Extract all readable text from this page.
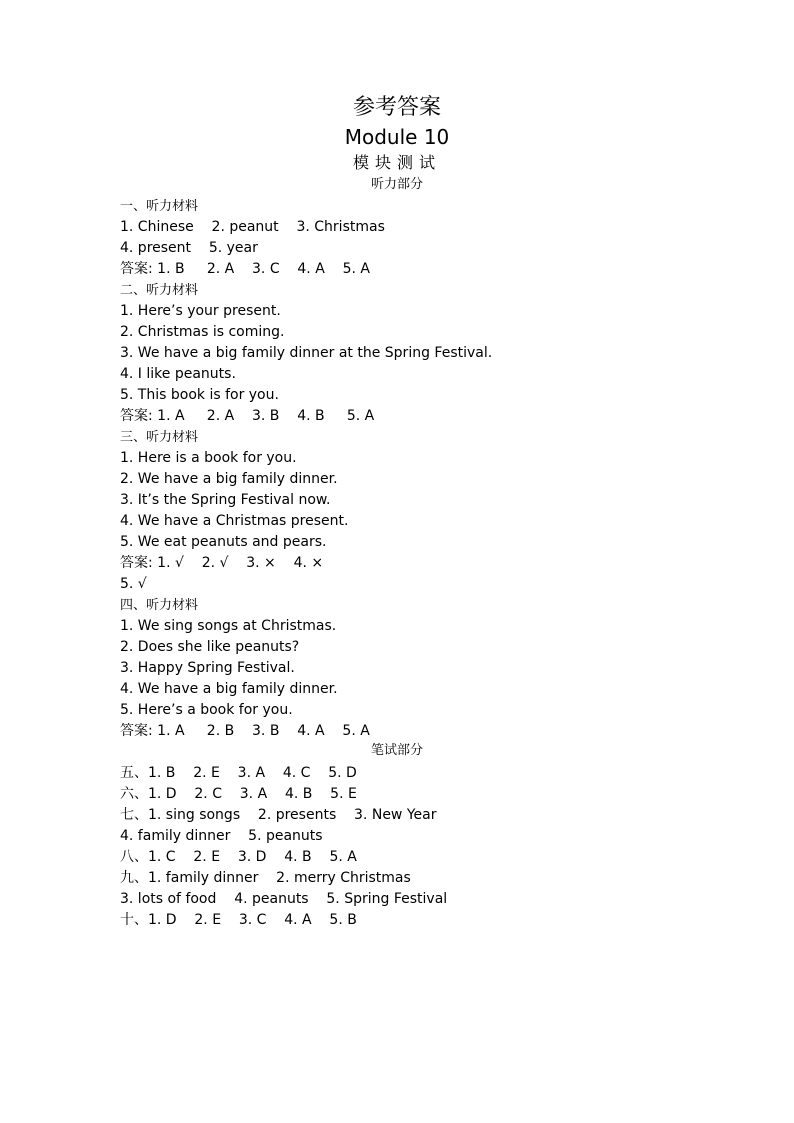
参考答案
Module 10
模块测试
听力部分
一、听力材料
1. Chinese    2. peanut    3. Christmas
4. present    5. year
答案: 1. B     2. A    3. C    4. A    5. A
二、听力材料
1. Here’s your present.
2. Christmas is coming.
3. We have a big family dinner at the Spring Festival.
4. I like peanuts.
5. This book is for you.
答案: 1. A     2. A    3. B    4. B     5. A
三、听力材料
1. Here is a book for you.
2. We have a big family dinner.
3. It’s the Spring Festival now.
4. We have a Christmas present.
5. We eat peanuts and pears.
答案: 1. √    2. √    3. ×    4. ×
5. √
四、听力材料
1. We sing songs at Christmas.
2. Does she like peanuts?
3. Happy Spring Festival.
4. We have a big family dinner.
5. Here’s a book for you.
答案: 1. A     2. B    3. B    4. A    5. A
五、1. B    2. E    3. A    4. C    5. D
六、1. D    2. C    3. A    4. B    5. E
七、1. sing songs    2. presents    3. New Year
4. family dinner    5. peanuts
八、1. C    2. E    3. D    4. B    5. A
九、1. family dinner    2. merry Christmas
3. lots of food    4. peanuts    5. Spring Festival
十、1. D    2. E    3. C    4. A    5. B
笔试部分
